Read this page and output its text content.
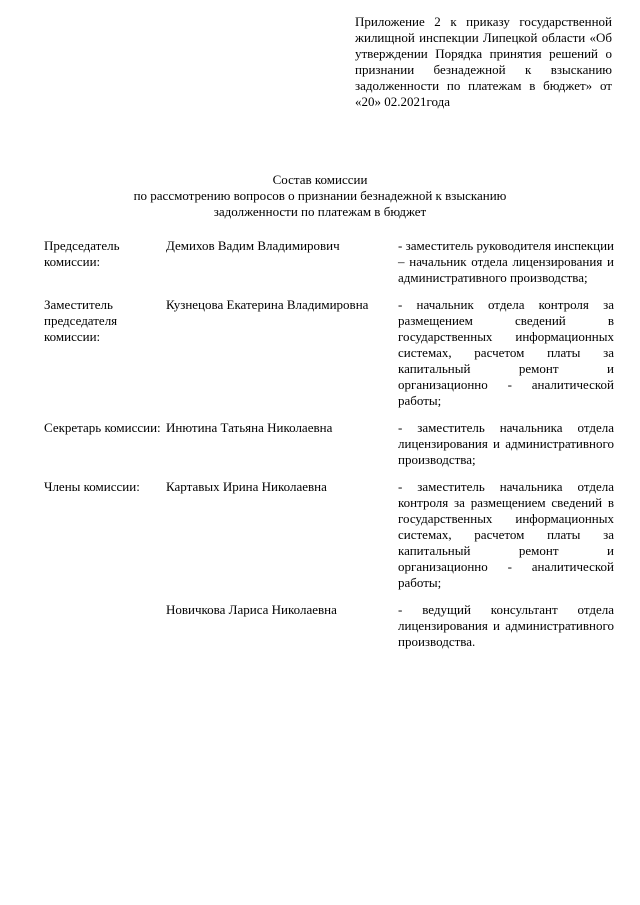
Приложение 2 к приказу государственной жилищной инспекции Липецкой области «Об утверждении Порядка принятия решений о признании безнадежной к взысканию задолженности по платежам в бюджет» от «20» 02.2021года
Состав комиссии
по рассмотрению вопросов о признании безнадежной к взысканию
задолженности по платежам в бюджет
Председатель комиссии:	Демихов Вадим Владимирович	- заместитель руководителя инспекции – начальник отдела лицензирования и административного производства;
Заместитель председателя комиссии:	Кузнецова Екатерина Владимировна	- начальник отдела контроля за размещением сведений в государственных информационных системах, расчетом платы за капитальный ремонт и организационно - аналитической работы;
Секретарь комиссии:	Инютина Татьяна Николаевна	- заместитель начальника отдела лицензирования и административного производства;
Члены комиссии:	Картавых Ирина Николаевна	- заместитель начальника отдела контроля за размещением сведений в государственных информационных системах, расчетом платы за капитальный ремонт и организационно - аналитической работы;
	Новичкова Лариса Николаевна	- ведущий консультант отдела лицензирования и административного производства.
